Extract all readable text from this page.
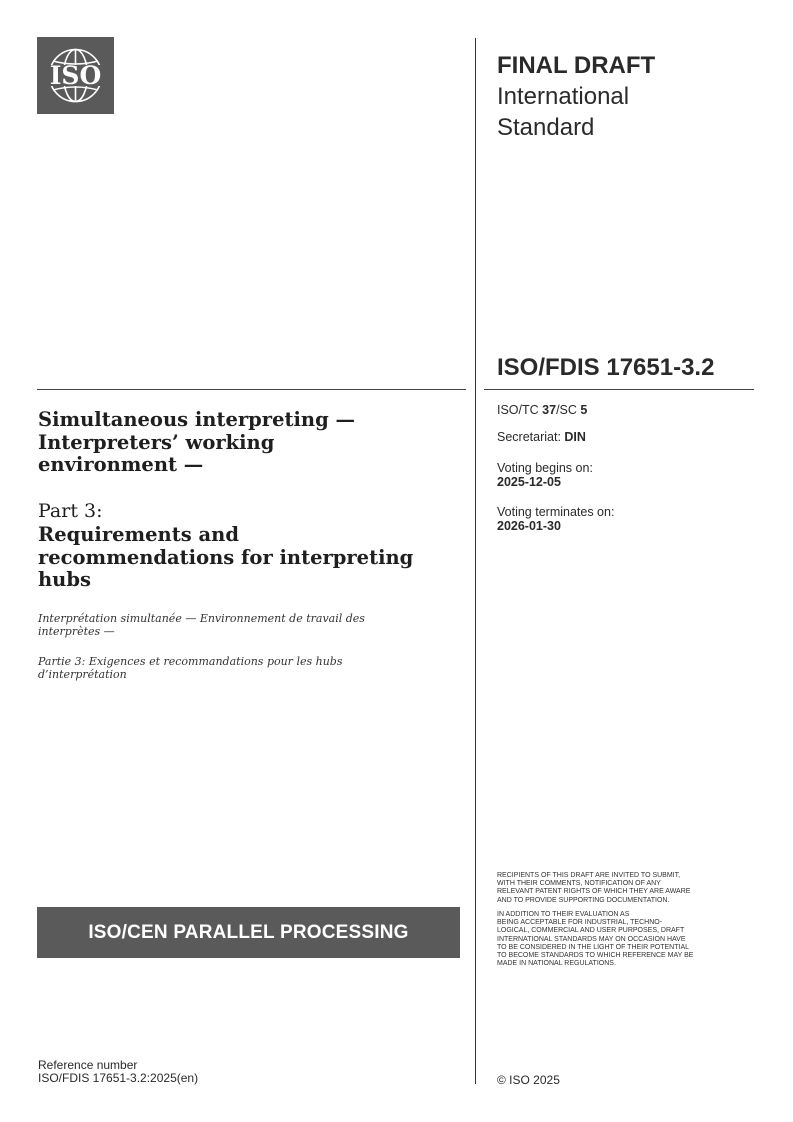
ISO	FINAL DRAFT
International
Standard
ISO/FDIS 17651-3.2
Simultaneous interpreting —
Interpreters’ working
environment —
Part 3:
Requirements and
recommendations for interpreting
hubs
Interprétation simultanée — Environnement de travail des
interprètes —
Partie 3: Exigences et recommandations pour les hubs
d’interprétation
ISO/TC 37/SC 5
Secretariat: DIN
Voting begins on:
2025-12-05
Voting terminates on:
2026-01-30
ISO/CEN PARALLEL PROCESSING
RECIPIENTS OF THIS DRAFT ARE INVITED TO SUBMIT,
WITH THEIR COMMENTS, NOTIFICATION OF ANY
RELEVANT PATENT RIGHTS OF WHICH THEY ARE AWARE
AND TO PROVIDE SUPPORTING DOCUMENTATION.
IN ADDITION TO THEIR EVALUATION AS
BEING ACCEPTABLE FOR INDUSTRIAL, TECHNO-
LOGICAL, COMMERCIAL AND USER PURPOSES, DRAFT
INTERNATIONAL STANDARDS MAY ON OCCASION HAVE
TO BE CONSIDERED IN THE LIGHT OF THEIR POTENTIAL
TO BECOME STANDARDS TO WHICH REFERENCE MAY BE
MADE IN NATIONAL REGULATIONS.
Reference number
ISO/FDIS 17651-3.2:2025(en)	© ISO 2025
